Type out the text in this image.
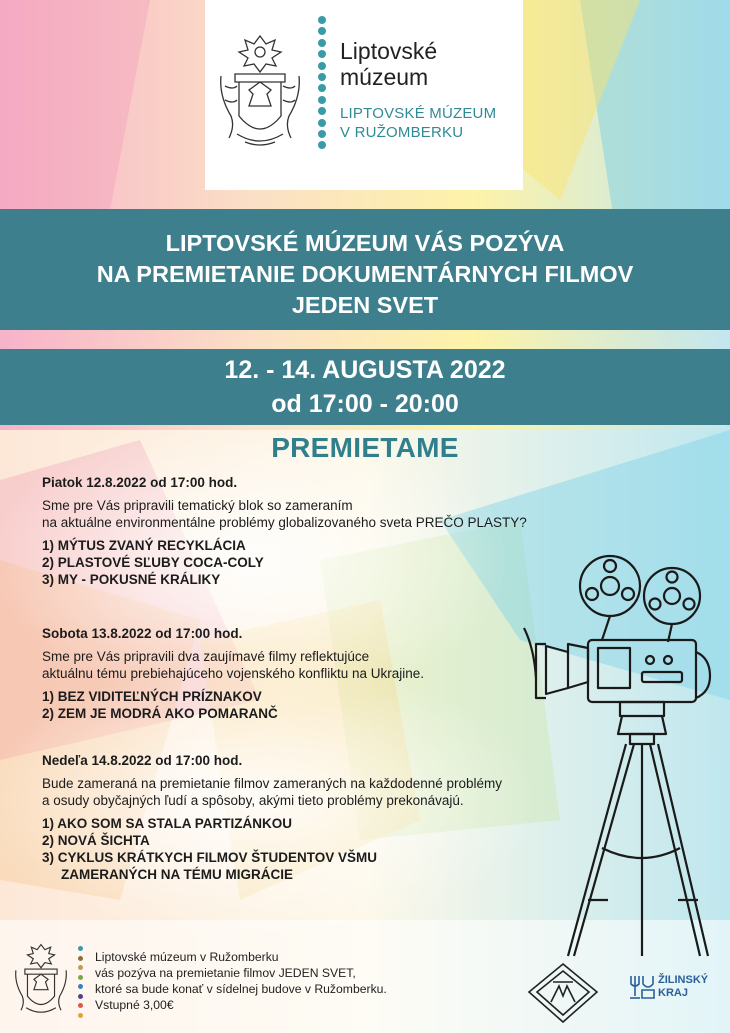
Liptovské
múzeum
LIPTOVSKÉ MÚZEUM
V RUŽOMBERKU
LIPTOVSKÉ MÚZEUM VÁS POZÝVA
NA PREMIETANIE DOKUMENTÁRNYCH FILMOV
JEDEN SVET
12. - 14. AUGUSTA 2022
od 17:00 - 20:00
PREMIETAME
Piatok 12.8.2022 od 17:00 hod.
Sme pre Vás pripravili tematický blok so zameraním
na aktuálne environmentálne problémy globalizovaného sveta PREČO PLASTY?
1) MÝTUS ZVANÝ RECYKLÁCIA
2) PLASTOVÉ SĽUBY COCA-COLY
3) MY - POKUSNÉ KRÁLIKY
Sobota 13.8.2022 od 17:00 hod.
Sme pre Vás pripravili dva zaujímavé filmy reflektujúce
aktuálnu tému prebiehajúceho vojenského konfliktu na Ukrajine.
1) BEZ VIDITEĽNÝCH PRÍZNAKOV
2) ZEM JE MODRÁ AKO POMARANČ
Nedeľa 14.8.2022 od 17:00 hod.
Bude zameraná na premietanie filmov zameraných na každodenné problémy
a osudy obyčajných ľudí a spôsoby, akými tieto problémy prekonávajú.
1) AKO SOM SA STALA PARTIZÁNKOU
2) NOVÁ ŠICHTA
3) CYKLUS KRÁTKYCH FILMOV ŠTUDENTOV VŠMU
ZAMERANÝCH NA TÉMU MIGRÁCIE
Liptovské múzeum v Ružomberku
vás pozýva na premietanie filmov JEDEN SVET,
ktoré sa bude konať v sídelnej budove v Ružomberku.
Vstupné 3,00€
ŽILINSKÝ
KRAJ
